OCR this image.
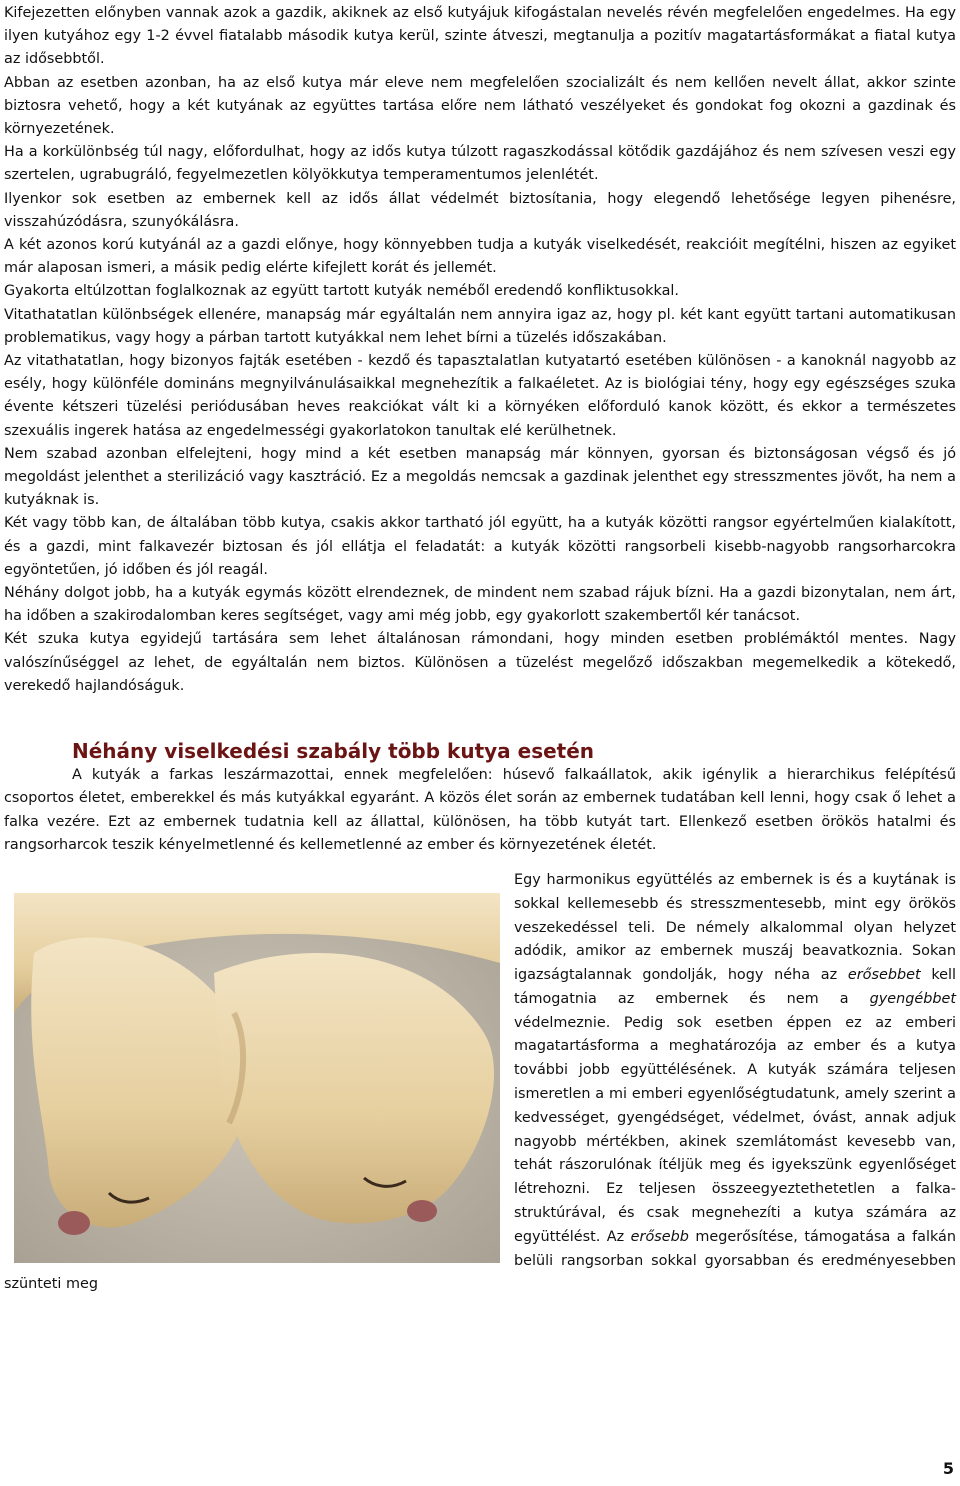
Kifejezetten előnyben vannak azok a gazdik, akiknek az első kutyájuk kifogástalan nevelés révén megfelelően engedelmes. Ha egy ilyen kutyához egy 1-2 évvel fiatalabb második kutya kerül, szinte átveszi, megtanulja a pozitív magatartásformákat a fiatal kutya az idősebbtől.

Abban az esetben azonban, ha az első kutya már eleve nem megfelelően szocializált és nem kellően nevelt állat, akkor szinte biztosra vehető, hogy a két kutyának az együttes tartása előre nem látható veszélyeket és gondokat fog okozni a gazdinak és környezetének.

Ha a korkülönbség túl nagy, előfordulhat, hogy az idős kutya túlzott ragaszkodással kötődik gazdájához és nem szívesen veszi egy szertelen, ugrabugráló, fegyelmezetlen kölyökkutya temperamentumos jelenlétét.

Ilyenkor sok esetben az embernek kell az idős állat védelmét biztosítania, hogy elegendő lehetősége legyen pihenésre, visszahúzódásra, szunyókálásra.

A két azonos korú kutyánál az a gazdi előnye, hogy könnyebben tudja a kutyák viselkedését, reakcióit megítélni, hiszen az egyiket már alaposan ismeri, a másik pedig elérte kifejlett korát és jellemét.

Gyakorta eltúlzottan foglalkoznak az együtt tartott kutyák neméből eredendő konfliktusokkal.

Vitathatatlan különbségek ellenére, manapság már egyáltalán nem annyira igaz az, hogy pl. két kant együtt tartani automatikusan problematikus, vagy hogy a párban tartott kutyákkal nem lehet bírni a tüzelés időszakában.

Az vitathatatlan, hogy bizonyos fajták esetében - kezdő és tapasztalatlan kutyatartó esetében különösen - a kanoknál nagyobb az esély, hogy különféle domináns megnyilvánulásaikkal megnehezítik a falkaéletet. Az is biológiai tény, hogy egy egészséges szuka évente kétszeri tüzelési periódusában heves reakciókat vált ki a környéken előforduló kanok között, és ekkor a természetes szexuális ingerek hatása az engedelmességi gyakorlatokon tanultak elé kerülhetnek.

Nem szabad azonban elfelejteni, hogy mind a két esetben manapság már könnyen, gyorsan és biztonságosan végső és jó megoldást jelenthet a sterilizáció vagy kasztráció. Ez a megoldás nemcsak a gazdinak jelenthet egy stresszmentes jövőt, ha nem a kutyáknak is.

Két vagy több kan, de általában több kutya, csakis akkor tartható jól együtt, ha a kutyák közötti rangsor egyértelműen kialakított, és a gazdi, mint falkavezér biztosan és jól ellátja el feladatát: a kutyák közötti rangsorbeli kisebb-nagyobb rangsorharcokra egyöntetűen, jó időben és jól reagál.

Néhány dolgot jobb, ha a kutyák egymás között elrendeznek, de mindent nem szabad rájuk bízni. Ha a gazdi bizonytalan, nem árt, ha időben a szakirodalomban keres segítséget, vagy ami még jobb, egy gyakorlott szakembertől kér tanácsot.

Két szuka kutya egyidejű tartására sem lehet általánosan rámondani, hogy minden esetben problémáktól mentes. Nagy valószínűséggel az lehet, de egyáltalán nem biztos. Különösen a tüzelést megelőző időszakban megemelkedik a kötekedő, verekedő hajlandóságuk.

Néhány viselkedési szabály több kutya esetén

A kutyák a farkas leszármazottai, ennek megfelelően: húsevő falkaállatok, akik igénylik a hierarchikus felépítésű csoportos életet, emberekkel és más kutyákkal egyaránt. A közös élet során az embernek tudatában kell lenni, hogy csak ő lehet a falka vezére. Ezt az embernek tudatnia kell az állattal, különösen, ha több kutyát tart. Ellenkező esetben örökös hatalmi és rangsorharcok teszik kényelmetlenné és kellemetlenné az ember és környezetének életét.

Egy harmonikus együttélés az embernek is és a kuytának is sokkal kellemesebb és stresszmentesebb, mint egy örökös veszekedéssel teli. De némely alkalommal olyan helyzet adódik, amikor az embernek muszáj beavatkoznia. Sokan igazságtalannak gondolják, hogy néha az erősebbet kell támogatnia az embernek és nem a gyengébbet védelmeznie. Pedig sok esetben éppen ez az emberi magatartásforma a meghatározója az ember és a kutya további jobb együttélésének. A kutyák számára teljesen ismeretlen a mi emberi egyenlőségtudatunk, amely szerint a kedvességet, gyengédséget, védelmet, óvást, annak adjuk nagyobb mértékben, akinek szemlátomást kevesebb van, tehát rászorulónak ítéljük meg és igyekszünk egyenlőséget létrehozni. Ez teljesen összeegyeztethetetlen a falka-struktúrával, és csak megnehezíti a kutya számára az együttélést. Az erősebb megerősítése, támogatása a falkán belüli rangsorban sokkal gyorsabban és eredményesebben szünteti meg

5
